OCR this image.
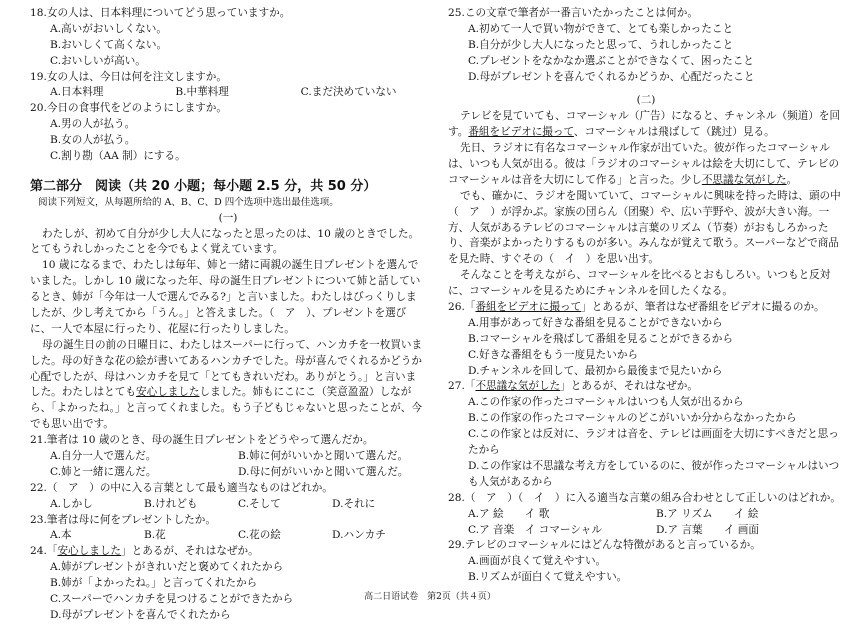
18.女の人は、日本料理についてどう思っていますか。
A.高いがおいしくない。
B.おいしくて高くない。
C.おいしいが高い。
19.女の人は、今日は何を注文しますか。
A.日本料理	B.中華料理	C.まだ決めていない
20.今日の食事代をどのようにしますか。
A.男の人が払う。
B.女の人が払う。
C.割り勘（AA 制）にする。
第二部分　阅读（共 20 小题；每小题 2.5 分，共 50 分）
阅读下列短文，从每题所给的 A、B、C、D 四个选项中选出最佳选项。
(一)
わたしが、初めて自分が少し大人になったと思ったのは、10 歳のときでした。とてもうれしかったことを今でもよく覚えています。
10 歳になるまで、わたしは毎年、姉と一緒に両親の誕生日プレゼントを選んでいました。しかし 10 歳になった年、母の誕生日プレゼントについて姉と話しているとき、姉が「今年は一人で選んでみる?」と言いました。わたしはびっくりしましたが、少し考えてから「うん。」と答えました。（　ア　）、プレゼントを選びに、一人で本屋に行ったり、花屋に行ったりしました。
母の誕生日の前の日曜日に、わたしはスーパーに行って、ハンカチを一枚買いました。母の好きな花の絵が書いてあるハンカチでした。母が喜んでくれるかどうか心配でしたが、母はハンカチを見て「とてもきれいだわ。ありがとう。」と言いました。わたしはとても安心しましたしました。姉もにこにこ（笑意盈盈）しながら、「よかったね。」と言ってくれました。もう子どもじゃないと思ったことが、今でも思い出です。
21.筆者は 10 歳のとき、母の誕生日プレゼントをどうやって選んだか。
A.自分一人で選んだ。	B.姉に何がいいかと聞いて選んだ。
C.姉と一緒に選んだ。	D.母に何がいいかと聞いて選んだ。
22.（　ア　）の中に入る言葉として最も適当なものはどれか。
A.しかし	B.けれども	C.そして	D.それに
23.筆者は母に何をプレゼントしたか。
A.本	B.花	C.花の絵	D.ハンカチ
24.「安心しました」とあるが、それはなぜか。
A.姉がプレゼントがきれいだと褒めてくれたから
B.姉が「よかったね。」と言ってくれたから
C.スーパーでハンカチを見つけることができたから
D.母がプレゼントを喜んでくれたから
25.この文章で筆者が一番言いたかったことは何か。
A.初めて一人で買い物ができて、とても楽しかったこと
B.自分が少し大人になったと思って、うれしかったこと
C.プレゼントをなかなか選ぶことができなくて、困ったこと
D.母がプレゼントを喜んでくれるかどうか、心配だったこと
(二)
テレビを見ていても、コマーシャル（广告）になると、チャンネル（频道）を回す。番組をビデオに撮って、コマーシャルは飛ばして（跳过）見る。
先日、ラジオに有名なコマーシャル作家が出ていた。彼が作ったコマーシャルは、いつも人気が出る。彼は「ラジオのコマーシャルは絵を大切にして、テレビのコマーシャルは音を大切にして作る」と言った。少し不思議な気がした。
でも、確かに、ラジオを聞いていて、コマーシャルに興味を持った時は、頭の中（　ア　）が浮かぶ。家族の団らん（团聚）や、広い芋野や、波が大きい海。一方、人気があるテレビのコマーシャルは言葉のリズム（节奏）がおもしろかったり、音楽がよかったりするものが多い。みんなが覚えて歌う。スーパーなどで商品を見た時、すぐその（　イ　）を思い出す。
そんなことを考えながら、コマーシャルを比べるとおもしろい。いつもと反対に、コマーシャルを見るためにチャンネルを回したくなる。
26.「番組をビデオに撮って」とあるが、筆者はなぜ番組をビデオに撮るのか。
A.用事があって好きな番組を見ることができないから
B.コマーシャルを飛ばして番組を見ることができるから
C.好きな番組をもう一度見たいから
D.チャンネルを回して、最初から最後まで見たいから
27.「不思議な気がした」とあるが、それはなぜか。
A.この作家の作ったコマーシャルはいつも人気が出るから
B.この作家の作ったコマーシャルのどこがいいか分からなかったから
C.この作家とは反対に、ラジオは音を、テレビは画面を大切にすべきだと思ったから
D.この作家は不思議な考え方をしているのに、彼が作ったコマーシャルはいつも人気があるから
28.（　ア　）（　イ　）に入る適当な言葉の組み合わせとして正しいのはどれか。
A.ア 絵　　イ 歌	B.ア リズム　　イ 絵
C.ア 音楽　イ コマーシャル	D.ア 言葉　　イ 画面
29.テレビのコマーシャルにはどんな特徴があると言っているか。
A.画面が良くて覚えやすい。
B.リズムが面白くて覚えやすい。
高二日语试卷　第2页（共４页）
